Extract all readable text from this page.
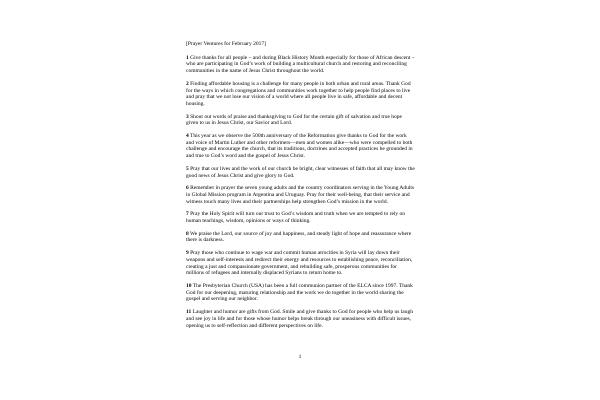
[Prayer Ventures for February 2017]

1 Give thanks for all people – and during Black History Month especially for those of African descent – who are participating in God’s work of building a multicultural church and restoring and reconciling communities in the name of Jesus Christ throughout the world.

2 Finding affordable housing is a challenge for many people in both urban and rural areas. Thank God for the ways in which congregations and communities work together to help people find places to live and pray that we not lose our vision of a world where all people live in safe, affordable and decent housing.

3 Shout out words of praise and thanksgiving to God for the certain gift of salvation and true hope given to us in Jesus Christ, our Savior and Lord.

4 This year as we observe the 500th anniversary of the Reformation give thanks to God for the work and voice of Martin Luther and other reformers—men and women alike—who were compelled to both challenge and encourage the church, that its traditions, doctrines and accepted practices be grounded in and true to God’s word and the gospel of Jesus Christ.

5 Pray that our lives and the work of our church be bright, clear witnesses of faith that all may know the good news of Jesus Christ and give glory to God.

6 Remember in prayer the seven young adults and the country coordinators serving in the Young Adults in Global Mission program in Argentina and Uruguay. Pray for their well-being, that their service and witness touch many lives and their partnerships help strengthen God’s mission in the world.

7 Pray the Holy Spirit will turn our trust to God’s wisdom and truth when we are tempted to rely on human teachings, wisdom, opinions or ways of thinking.

8 We praise the Lord, our source of joy and happiness, and steady light of hope and reassurance where there is darkness.

9 Pray those who continue to wage war and commit human atrocities in Syria will lay down their weapons and self-interests and redirect their energy and resources to establishing peace, reconciliation, creating a just and compassionate government, and rebuilding safe, prosperous communities for millions of refugees and internally displaced Syrians to return home to.

10 The Presbyterian Church (USA) has been a full communion partner of the ELCA since 1997. Thank God for our deepening, maturing relationship and the work we do together in the world sharing the gospel and serving our neighbor.

11 Laughter and humor are gifts from God. Smile and give thanks to God for people who help us laugh and see joy in life and for those whose humor helps break through our uneasiness with difficult issues, opening us to self-reflection and different perspectives on life.

1
